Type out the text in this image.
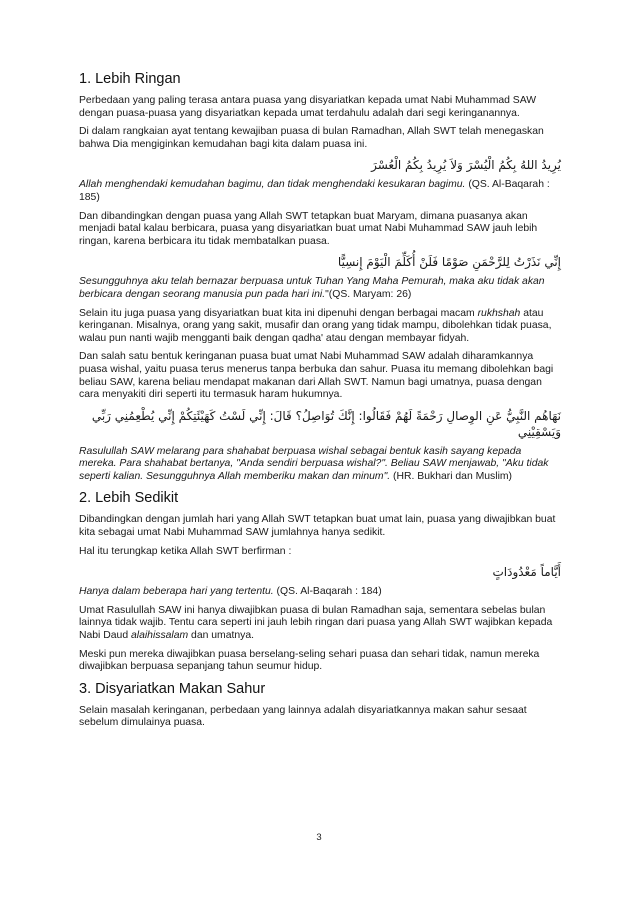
1. Lebih Ringan

Perbedaan yang paling terasa antara puasa yang disyariatkan kepada umat Nabi Muhammad SAW dengan puasa-puasa yang disyariatkan kepada umat terdahulu adalah dari segi keringanannya.

Di dalam rangkaian ayat tentang kewajiban puasa di bulan Ramadhan, Allah SWT telah menegaskan bahwa Dia mengiginkan kemudahan bagi kita dalam puasa ini.

يُرِيدُ اللهُ بِكُمُ الْيُسْرَ وَلاَ يُرِيدُ بِكُمُ الْعُسْرَ

Allah menghendaki kemudahan bagimu, dan tidak menghendaki kesukaran bagimu. (QS. Al-Baqarah : 185)

Dan dibandingkan dengan puasa yang Allah SWT tetapkan buat Maryam, dimana puasanya akan menjadi batal kalau berbicara, puasa yang disyariatkan buat umat Nabi Muhammad SAW jauh lebih ringan, karena berbicara itu tidak membatalkan puasa.

إِنِّي نَذَرْتُ لِلرَّحْمَنِ صَوْمًا فَلَنْ أُكَلِّمَ الْيَوْمَ إِنسِيًّا

Sesungguhnya aku telah bernazar berpuasa untuk Tuhan Yang Maha Pemurah, maka aku tidak akan berbicara dengan seorang manusia pun pada hari ini."(QS. Maryam: 26)

Selain itu juga puasa yang disyariatkan buat kita ini dipenuhi dengan berbagai macam rukhshah atau keringanan. Misalnya, orang yang sakit, musafir dan orang yang tidak mampu, dibolehkan tidak puasa, walau pun nanti wajib mengganti baik dengan qadha' atau dengan membayar fidyah.

Dan salah satu bentuk keringanan puasa buat umat Nabi Muhammad SAW adalah diharamkannya puasa wishal, yaitu puasa terus menerus tanpa berbuka dan sahur. Puasa itu memang dibolehkan bagi beliau SAW, karena beliau mendapat makanan dari Allah SWT. Namun bagi umatnya, puasa dengan cara menyakiti diri seperti itu termasuk haram hukumnya.

نَهَاهُم النَّبِيُّ عَنِ الوِصالِ رَحْمَةً لَهُمْ فَقَالُوا: إِنَّكَ تُوَاصِلُ؟ قَالَ: إِنِّي لَسْتُ كَهَيْئَتِكُمْ إِنِّي يُطْعِمُنِي رَبِّي وَيَسْقِيْنِي

Rasulullah SAW melarang para shahabat berpuasa wishal sebagai bentuk kasih sayang kepada mereka. Para shahabat bertanya, "Anda sendiri berpuasa wishal?". Beliau SAW menjawab, "Aku tidak seperti kalian. Sesungguhnya Allah memberiku makan dan minum". (HR. Bukhari dan Muslim)

2. Lebih Sedikit

Dibandingkan dengan jumlah hari yang Allah SWT tetapkan buat umat lain, puasa yang diwajibkan buat kita sebagai umat Nabi Muhammad SAW jumlahnya hanya sedikit.

Hal itu terungkap ketika Allah SWT berfirman :

أَيَّاماً مَعْدُودَاتٍ

Hanya dalam beberapa hari yang tertentu. (QS. Al-Baqarah : 184)

Umat Rasulullah SAW ini hanya diwajibkan puasa di bulan Ramadhan saja, sementara sebelas bulan lainnya tidak wajib. Tentu cara seperti ini jauh lebih ringan dari puasa yang Allah SWT wajibkan kepada Nabi Daud alaihissalam dan umatnya.

Meski pun mereka diwajibkan puasa berselang-seling sehari puasa dan sehari tidak, namun mereka diwajibkan berpuasa sepanjang tahun seumur hidup.

3. Disyariatkan Makan Sahur

Selain masalah keringanan, perbedaan yang lainnya adalah disyariatkannya makan sahur sesaat sebelum dimulainya puasa.

3
